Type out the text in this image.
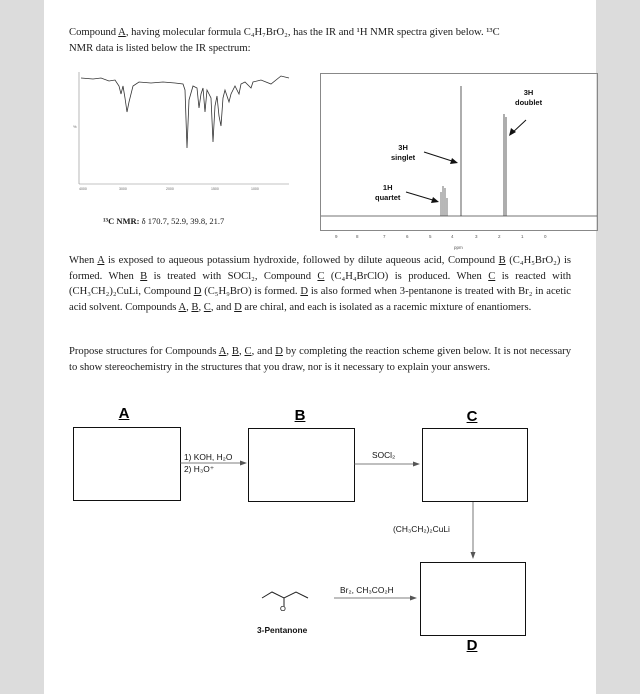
Compound A, having molecular formula C₄H₇BrO₂, has the IR and ¹H NMR spectra given below. ¹³C
NMR data is listed below the IR spectrum:
%
4000	3000	2000	1500	1000
¹³C NMR: δ 170.7, 52.9, 39.8, 21.7
3H
doublet
3H
singlet
1H
quartet
9	8	7	6	5	4	3	2	1	0
ppm
When A is exposed to aqueous potassium hydroxide, followed by dilute aqueous acid, Compound B (C₄H₅BrO₂) is formed. When B is treated with SOCl₂, Compound C (C₄H₄BrClO) is produced. When C is reacted with (CH₃CH₂)₂CuLi, Compound D (C₅H₉BrO) is formed. D is also formed when 3-pentanone is treated with Br₂ in acetic acid solvent. Compounds A, B, C, and D are chiral, and each is isolated as a racemic mixture of enantiomers.
Propose structures for Compounds A, B, C, and D by completing the reaction scheme given below. It is not necessary to show stereochemistry in the structures that you draw, nor is it necessary to explain your answers.
A	B	C
D
1) KOH, H₂O
2) H₃O⁺
SOCl₂
(CH₃CH₂)₂CuLi
Br₂, CH₃CO₂H
O
3-Pentanone
